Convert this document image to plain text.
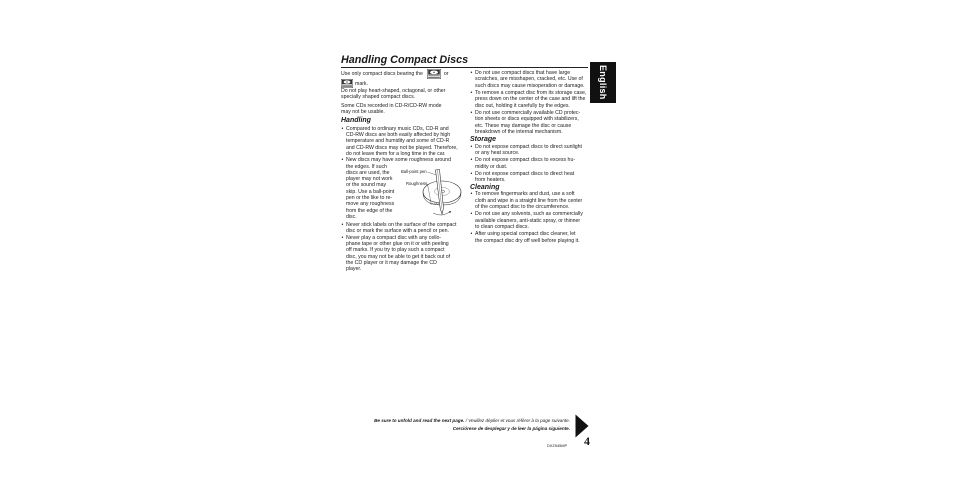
Handling Compact Discs
English
Use only compact discs bearing the	or
mark.
Do not play heart-shaped, octagonal, or other
specially shaped compact discs.
Some CDs recorded in CD-R/CD-RW mode
may not be usable.
Handling
• Compared to ordinary music CDs, CD-R and
CD-RW discs are both easily affected by high
temperature and humidity and some of CD-R
and CD-RW discs may not be played. Therefore,
do not leave them for a long time in the car.
• New discs may have some roughness around
the edges. If such
discs are used, the
player may not work
or the sound may
skip. Use a ball-point
pen or the like to re-
move any roughness
from the edge of the
disc.
• Never stick labels on the surface of the compact
disc or mark the surface with a pencil or pen.
• Never play a compact disc with any cello-
phane tape or other glue on it or with peeling
off marks. If you try to play such a compact
disc, you may not be able to get it back out of
the CD player or it may damage the CD
player.
Ball-point pen
Roughness
• Do not use compact discs that have large
scratches, are misshapen, cracked, etc. Use of
such discs may cause misoperation or damage.
• To remove a compact disc from its storage case,
press down on the center of the case and lift the
disc out, holding it carefully by the edges.
• Do not use commercially available CD protec-
tion sheets or discs equipped with stabilizers,
etc. These may damage the disc or cause
breakdown of the internal mechanism.
Storage
• Do not expose compact discs to direct sunlight
or any heat source.
• Do not expose compact discs to excess hu-
midity or dust.
• Do not expose compact discs to direct heat
from heaters.
Cleaning
• To remove fingermarks and dust, use a soft
cloth and wipe in a straight line from the center
of the compact disc to the circumference.
• Do not use any solvents, such as commercially
available cleaners, anti-static spray, or thinner
to clean compact discs.
• After using special compact disc cleaner, let
the compact disc dry off well before playing it.
Be sure to unfold and read the next page./ Veuillez déplier et vous référer à la page suivante.
Cerciórese de desplegar y de leer la página siguiente.
DXZ545MP 4
